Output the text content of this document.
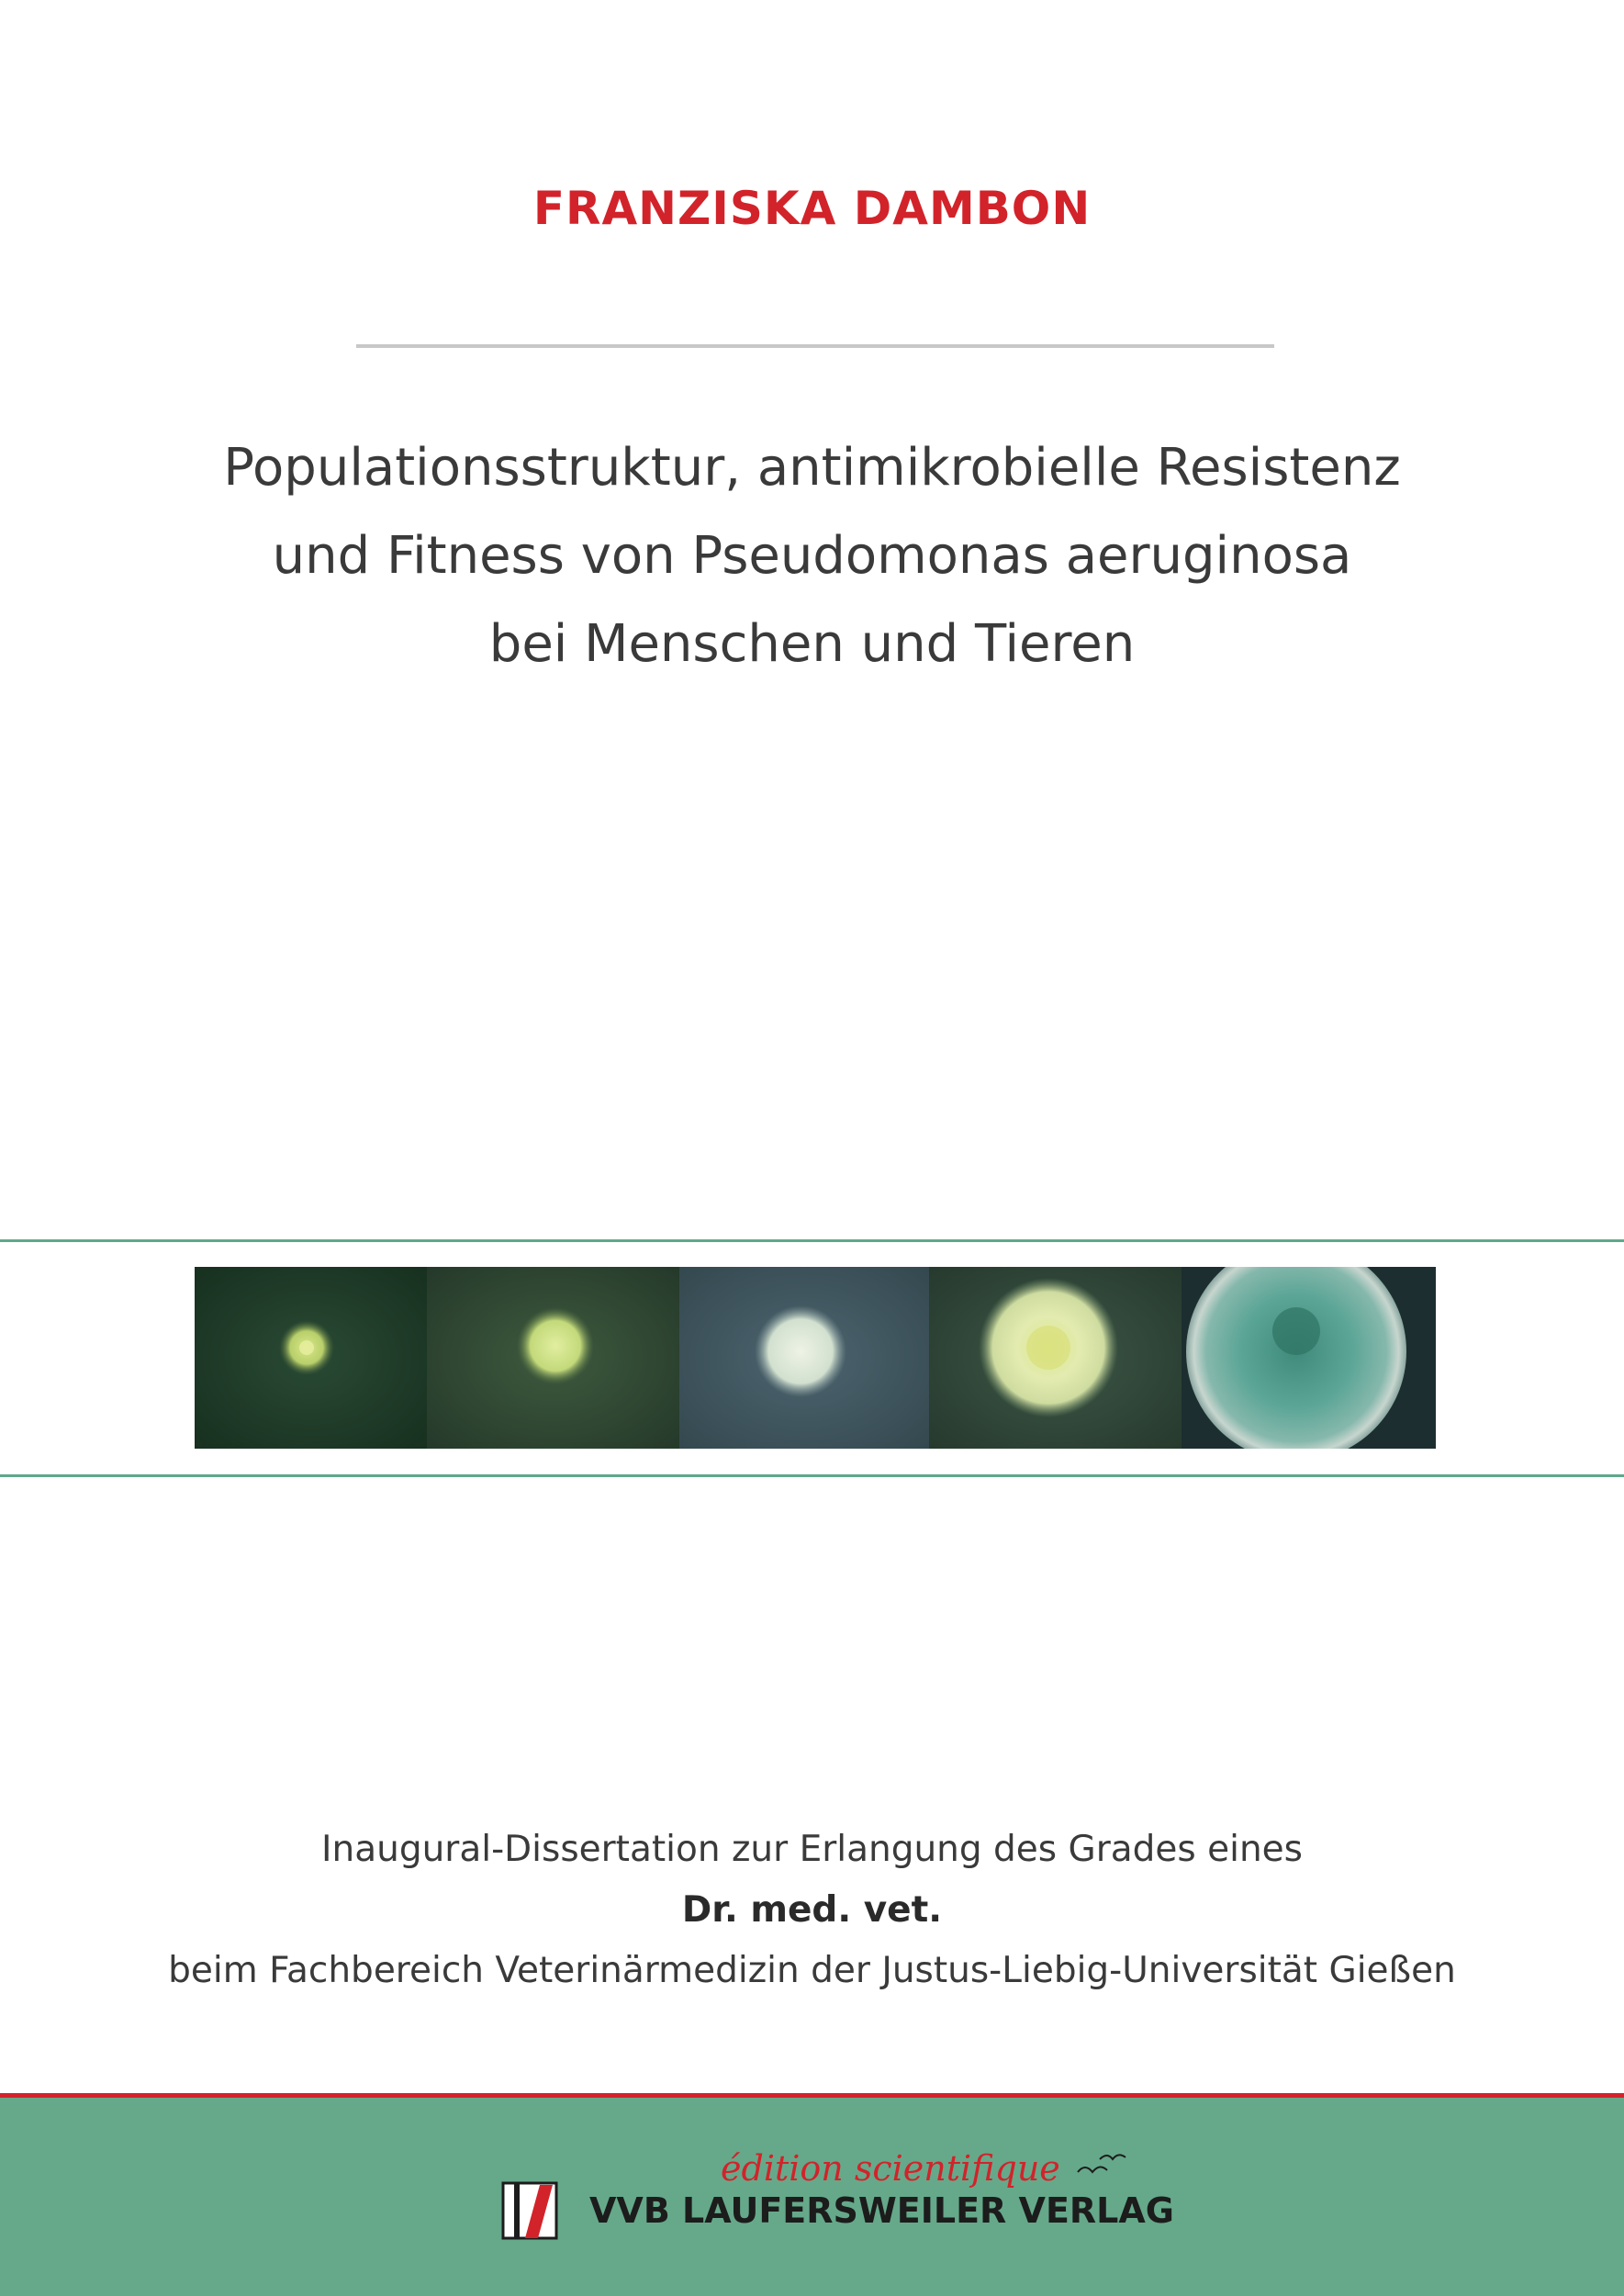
FRANZISKA DAMBON
Populationsstruktur, antimikrobielle Resistenz
und Fitness von Pseudomonas aeruginosa
bei Menschen und Tieren
Inaugural-Dissertation zur Erlangung des Grades eines
Dr. med. vet.
beim Fachbereich Veterinärmedizin der Justus-Liebig-Universität Gießen
édition scientifique
VVB LAUFERSWEILER VERLAG
